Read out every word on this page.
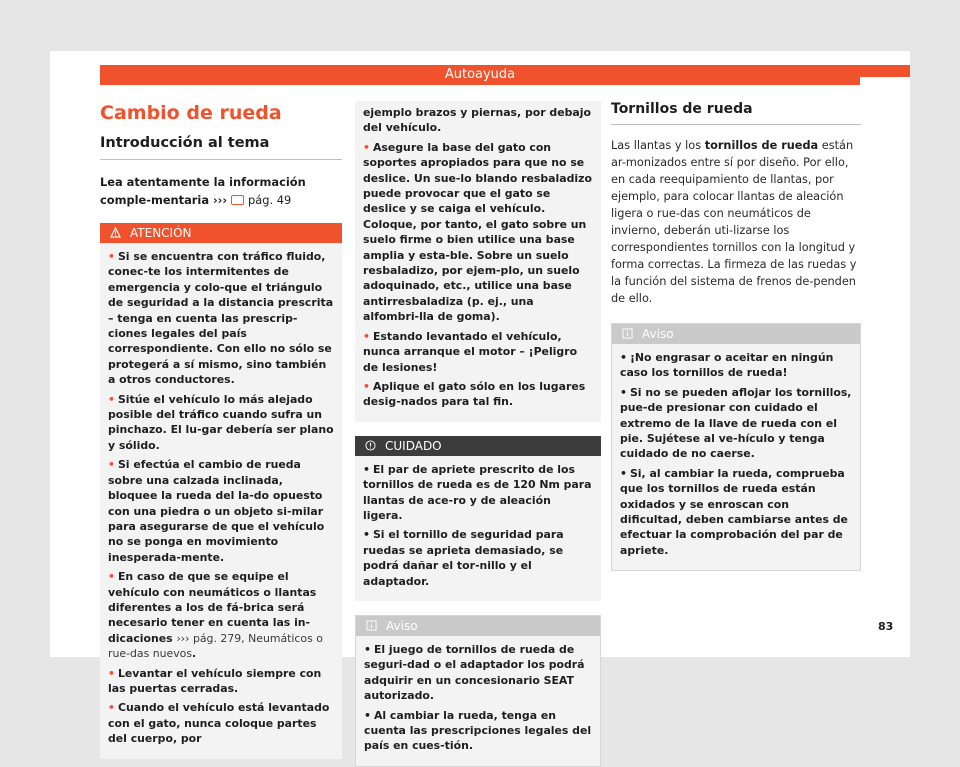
Autoayuda
Cambio de rueda
Introducción al tema
Lea atentamente la información comple-mentaria ››› pág. 49
ATENCIÓN

• Si se encuentra con tráfico fluido, conec-te los intermitentes de emergencia y colo-que el triángulo de seguridad a la distancia prescrita – tenga en cuenta las prescrip-ciones legales del país correspondiente. Con ello no sólo se protegerá a sí mismo, sino también a otros conductores.

• Sitúe el vehículo lo más alejado posible del tráfico cuando sufra un pinchazo. El lu-gar debería ser plano y sólido.

• Si efectúa el cambio de rueda sobre una calzada inclinada, bloquee la rueda del la-do opuesto con una piedra o un objeto si-milar para asegurarse de que el vehículo no se ponga en movimiento inesperada-mente.

• En caso de que se equipe el vehículo con neumáticos o llantas diferentes a los de fá-brica será necesario tener en cuenta las in-dicaciones ››› pág. 279, Neumáticos o rue-das nuevos.

• Levantar el vehículo siempre con las puertas cerradas.

• Cuando el vehículo está levantado con el gato, nunca coloque partes del cuerpo, por

ejemplo brazos y piernas, por debajo del vehículo.

• Asegure la base del gato con soportes apropiados para que no se deslice. Un sue-lo blando resbaladizo puede provocar que el gato se deslice y se caiga el vehículo. Coloque, por tanto, el gato sobre un suelo firme o bien utilice una base amplia y esta-ble. Sobre un suelo resbaladizo, por ejem-plo, un suelo adoquinado, etc., utilice una base antirresbaladiza (p. ej., una alfombri-lla de goma).

• Estando levantado el vehículo, nunca arranque el motor – ¡Peligro de lesiones!

• Aplique el gato sólo en los lugares desig-nados para tal fin.

CUIDADO

• El par de apriete prescrito de los tornillos de rueda es de 120 Nm para llantas de ace-ro y de aleación ligera.

• Si el tornillo de seguridad para ruedas se aprieta demasiado, se podrá dañar el tor-nillo y el adaptador.

Aviso

• El juego de tornillos de rueda de seguri-dad o el adaptador los podrá adquirir en un concesionario SEAT autorizado.

• Al cambiar la rueda, tenga en cuenta las prescripciones legales del país en cues-tión.

Tornillos de rueda
Las llantas y los tornillos de rueda están ar-monizados entre sí por diseño. Por ello, en cada reequipamiento de llantas, por ejemplo, para colocar llantas de aleación ligera o rue-das con neumáticos de invierno, deberán uti-lizarse los correspondientes tornillos con la longitud y forma correctas. La firmeza de las ruedas y la función del sistema de frenos de-penden de ello.
Aviso

• ¡No engrasar o aceitar en ningún caso los tornillos de rueda!

• Si no se pueden aflojar los tornillos, pue-de presionar con cuidado el extremo de la llave de rueda con el pie. Sujétese al ve-hículo y tenga cuidado de no caerse.

• Si, al cambiar la rueda, comprueba que los tornillos de rueda están oxidados y se enroscan con dificultad, deben cambiarse antes de efectuar la comprobación del par de apriete.

83
